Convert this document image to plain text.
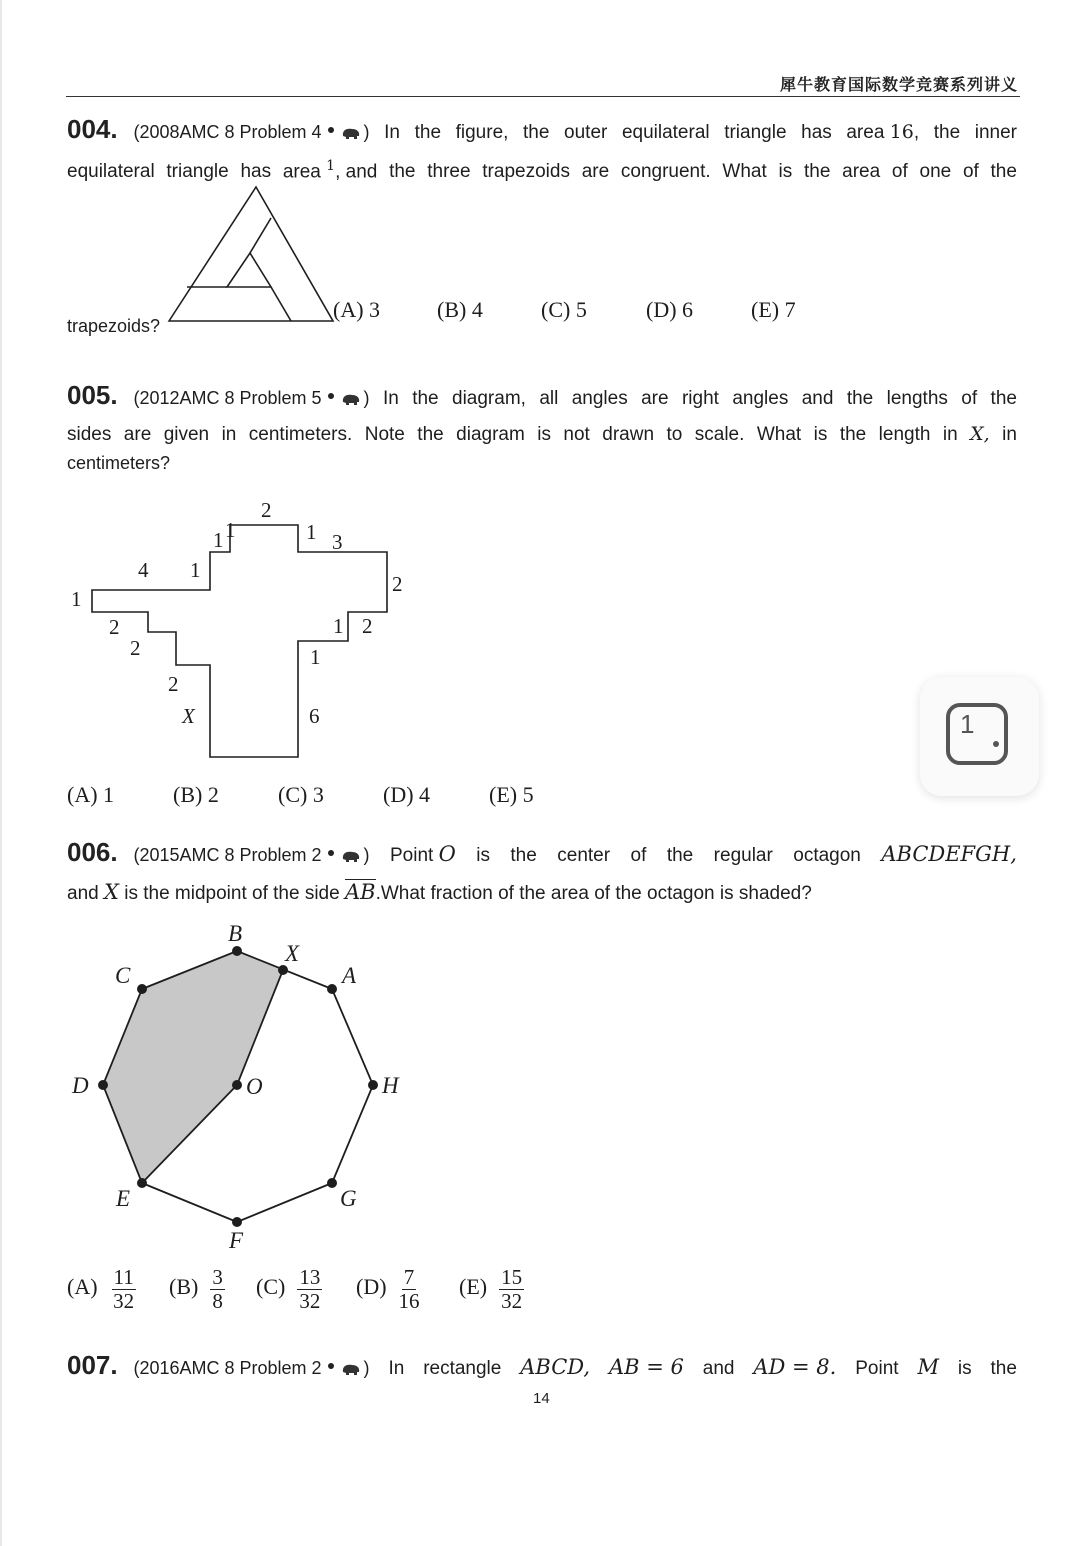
犀牛教育国际数学竞赛系列讲义
004. (2008AMC 8 Problem 4 ) In the figure, the outer equilateral triangle has area 16, the inner
equilateral triangle has area $^1$, and the three trapezoids are congruent. What is the area of one of the
trapezoids?
(A) 3	(B) 4	(C) 5	(D) 6	(E) 7
005. (2012AMC 8 Problem 5 ) In the diagram, all angles are right angles and the lengths of the
sides are given in centimeters. Note the diagram is not drawn to scale. What is the length in X, in
centimeters?
2
1 1	1 3
4 1
1
2
2
2
1 2
1
2
X	6
(A) 1	(B) 2	(C) 3	(D) 4	(E) 5
006. (2015AMC 8 Problem 2 ) Point O is the center of the regular octagon ABCDEFGH,
and X is the midpoint of the side AB.What fraction of the area of the octagon is shaded?
A
B
C
D
E
F
G
H
X
O
$(A) \frac{11}{32} (B) \frac{3}{8} (C) \frac{13}{32} (D) \frac{7}{16} (E) \frac{15}{32}$
007. (2016AMC 8 Problem 2 ) In rectangle ABCD, AB = 6 and AD = 8. Point M is the
14
1
